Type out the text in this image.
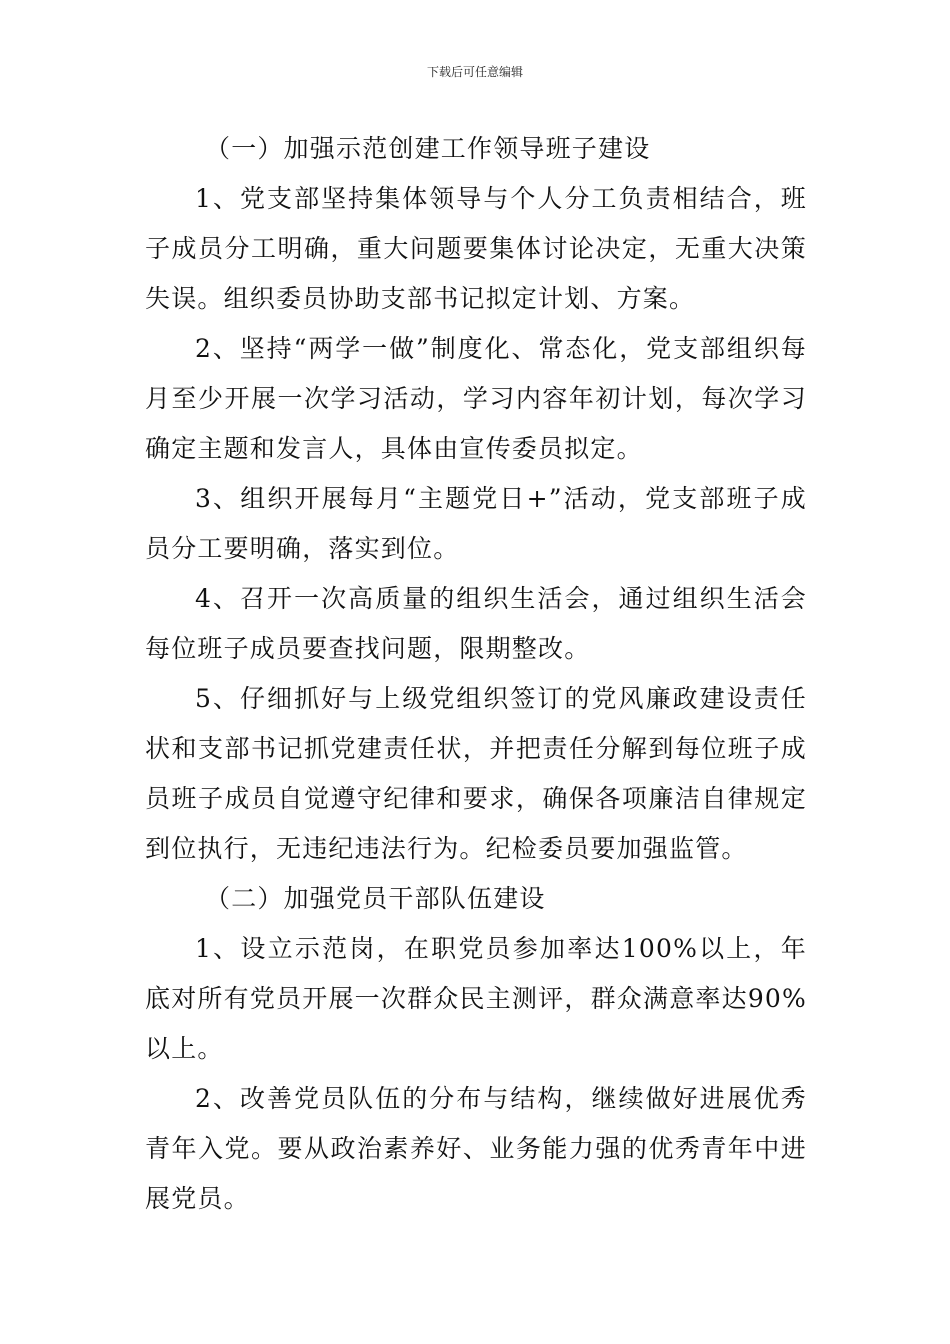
下载后可任意编辑

（一）加强示范创建工作领导班子建设

1、党支部坚持集体领导与个人分工负责相结合，班子成员分工明确，重大问题要集体讨论决定，无重大决策失误。组织委员协助支部书记拟定计划、方案。

2、坚持“两学一做”制度化、常态化，党支部组织每月至少开展一次学习活动，学习内容年初计划，每次学习确定主题和发言人，具体由宣传委员拟定。

3、组织开展每月“主题党日+”活动，党支部班子成员分工要明确，落实到位。

4、召开一次高质量的组织生活会，通过组织生活会每位班子成员要查找问题，限期整改。

5、仔细抓好与上级党组织签订的党风廉政建设责任状和支部书记抓党建责任状，并把责任分解到每位班子成员班子成员自觉遵守纪律和要求，确保各项廉洁自律规定到位执行，无违纪违法行为。纪检委员要加强监管。

（二）加强党员干部队伍建设

1、设立示范岗，在职党员参加率达100%以上，年底对所有党员开展一次群众民主测评，群众满意率达90%以上。

2、改善党员队伍的分布与结构，继续做好进展优秀青年入党。要从政治素养好、业务能力强的优秀青年中进展党员。
